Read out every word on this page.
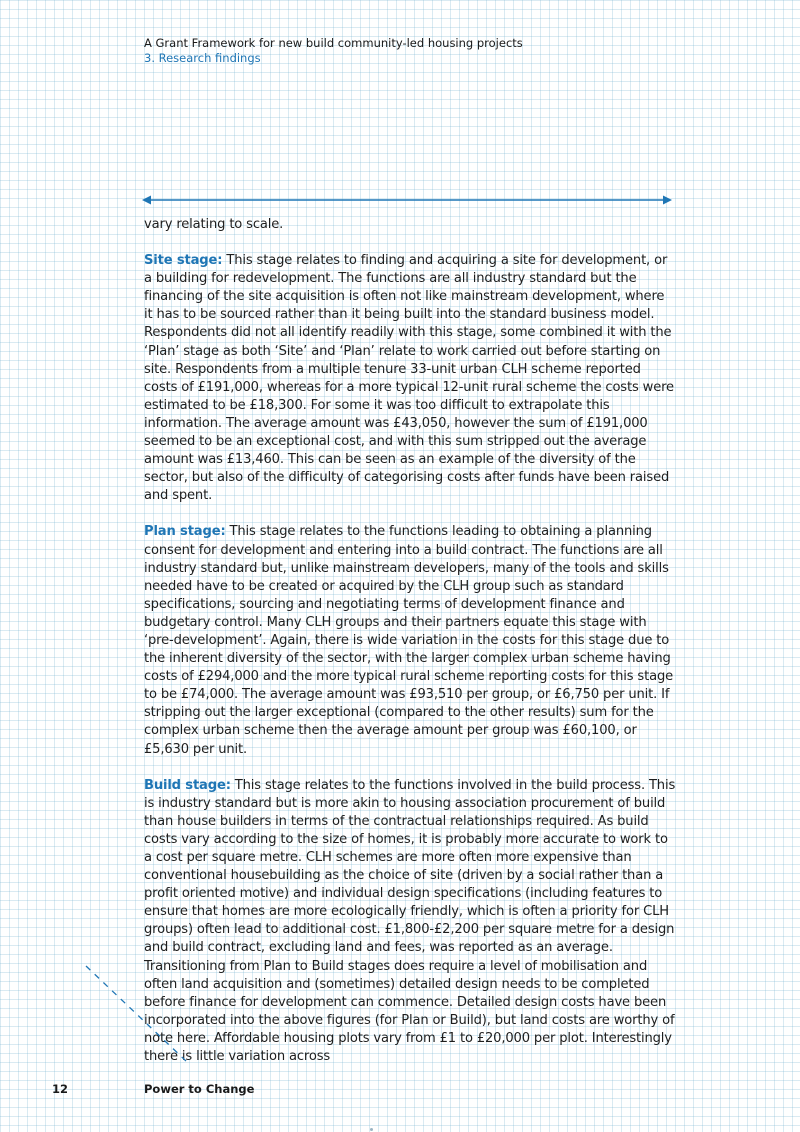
A Grant Framework for new build community-led housing projects
3. Research findings

vary relating to scale.

Site stage: This stage relates to finding and acquiring a site for development, or a building for redevelopment. The functions are all industry standard but the financing of the site acquisition is often not like mainstream development, where it has to be sourced rather than it being built into the standard business model. Respondents did not all identify readily with this stage, some combined it with the ‘Plan’ stage as both ‘Site’ and ‘Plan’ relate to work carried out before starting on site. Respondents from a multiple tenure 33-unit urban CLH scheme reported costs of £191,000, whereas for a more typical 12-unit rural scheme the costs were estimated to be £18,300. For some it was too difficult to extrapolate this information. The average amount was £43,050, however the sum of £191,000 seemed to be an exceptional cost, and with this sum stripped out the average amount was £13,460. This can be seen as an example of the diversity of the sector, but also of the difficulty of categorising costs after funds have been raised and spent.

Plan stage: This stage relates to the functions leading to obtaining a planning consent for development and entering into a build contract. The functions are all industry standard but, unlike mainstream developers, many of the tools and skills needed have to be created or acquired by the CLH group such as standard specifications, sourcing and negotiating terms of development finance and budgetary control. Many CLH groups and their partners equate this stage with ‘pre-development’. Again, there is wide variation in the costs for this stage due to the inherent diversity of the sector, with the larger complex urban scheme having costs of £294,000 and the more typical rural scheme reporting costs for this stage to be £74,000. The average amount was £93,510 per group, or £6,750 per unit. If stripping out the larger exceptional (compared to the other results) sum for the complex urban scheme then the average amount per group was £60,100, or £5,630 per unit.

Build stage: This stage relates to the functions involved in the build process. This is industry standard but is more akin to housing association procurement of build than house builders in terms of the contractual relationships required. As build costs vary according to the size of homes, it is probably more accurate to work to a cost per square metre. CLH schemes are more often more expensive than conventional housebuilding as the choice of site (driven by a social rather than a profit oriented motive) and individual design specifications (including features to ensure that homes are more ecologically friendly, which is often a priority for CLH groups) often lead to additional cost. £1,800-£2,200 per square metre for a design and build contract, excluding land and fees, was reported as an average. Transitioning from Plan to Build stages does require a level of mobilisation and often land acquisition and (sometimes) detailed design needs to be completed before finance for development can commence. Detailed design costs have been incorporated into the above figures (for Plan or Build), but land costs are worthy of note here. Affordable housing plots vary from £1 to £20,000 per plot. Interestingly there is little variation across

12	Power to Change
